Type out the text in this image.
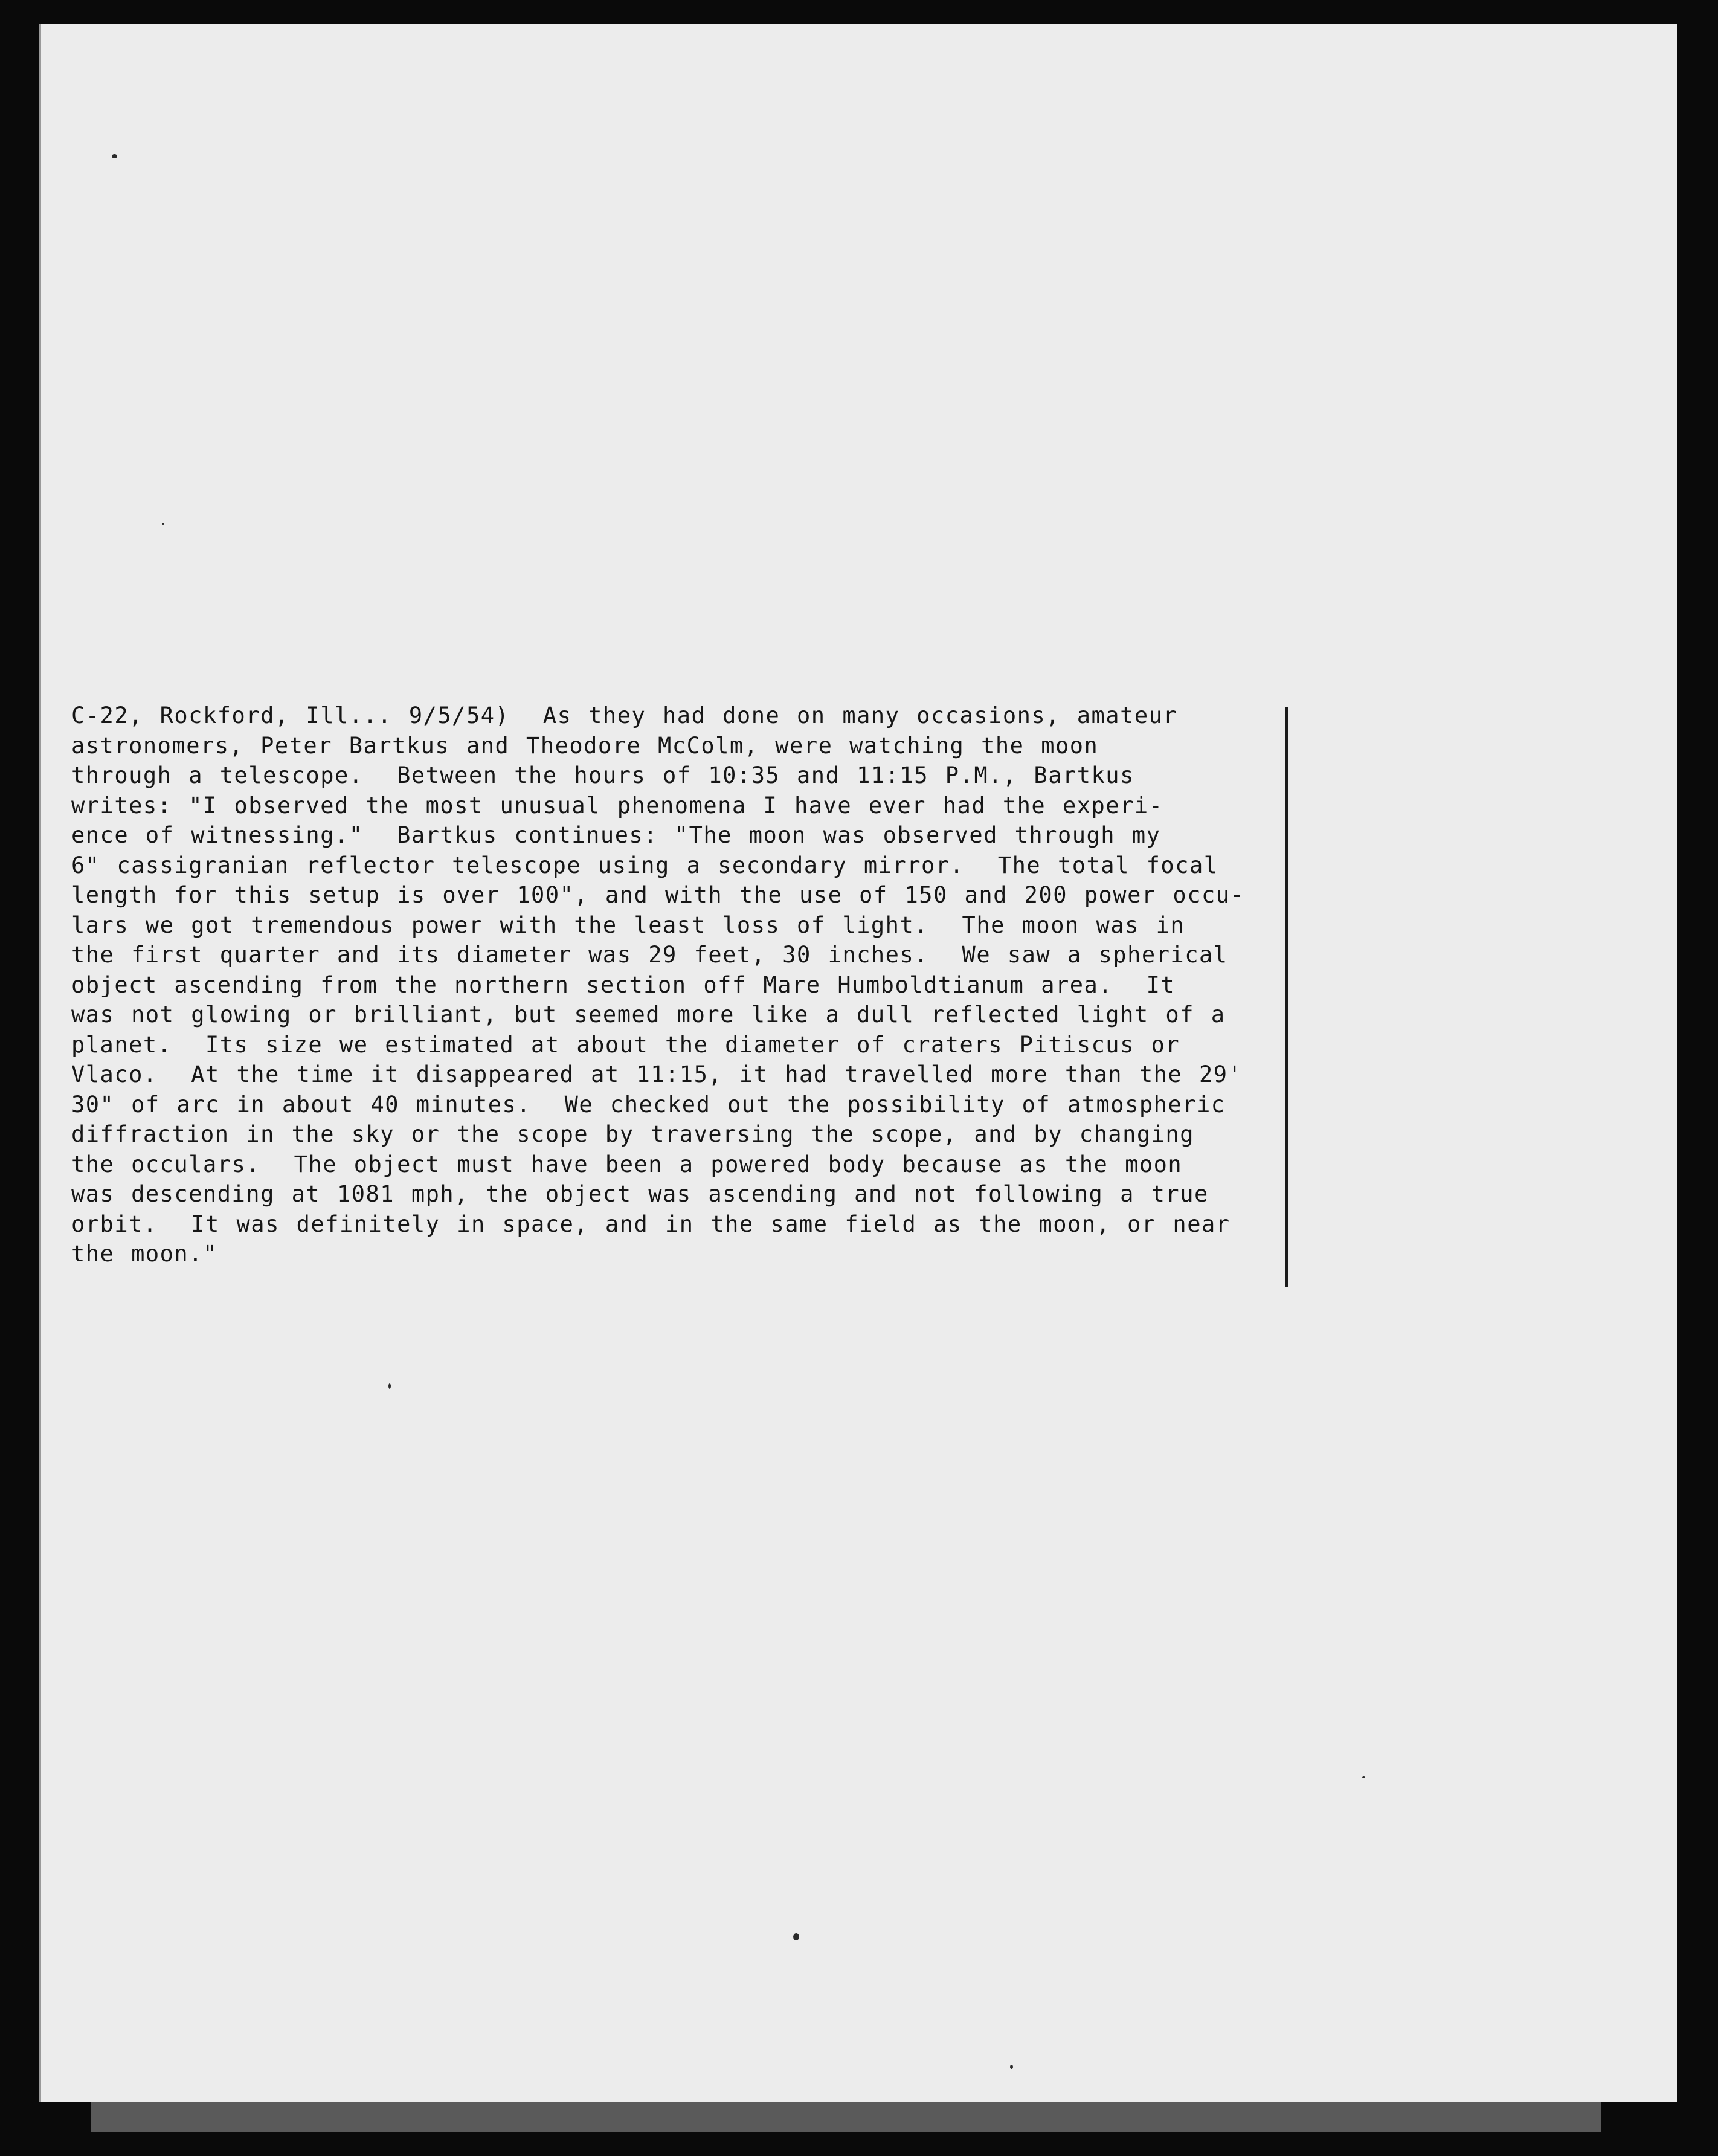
C-22, Rockford, Ill... 9/5/54)  As they had done on many occasions, amateur
astronomers, Peter Bartkus and Theodore McColm, were watching the moon
through a telescope.  Between the hours of 10:35 and 11:15 P.M., Bartkus
writes: "I observed the most unusual phenomena I have ever had the experi-
ence of witnessing."  Bartkus continues: "The moon was observed through my
6" cassigranian reflector telescope using a secondary mirror.  The total focal
length for this setup is over 100", and with the use of 150 and 200 power occu-
lars we got tremendous power with the least loss of light.  The moon was in
the first quarter and its diameter was 29 feet, 30 inches.  We saw a spherical
object ascending from the northern section off Mare Humboldtianum area.  It
was not glowing or brilliant, but seemed more like a dull reflected light of a
planet.  Its size we estimated at about the diameter of craters Pitiscus or
Vlaco.  At the time it disappeared at 11:15, it had travelled more than the 29'
30" of arc in about 40 minutes.  We checked out the possibility of atmospheric
diffraction in the sky or the scope by traversing the scope, and by changing
the occulars.  The object must have been a powered body because as the moon
was descending at 1081 mph, the object was ascending and not following a true
orbit.  It was definitely in space, and in the same field as the moon, or near
the moon."
